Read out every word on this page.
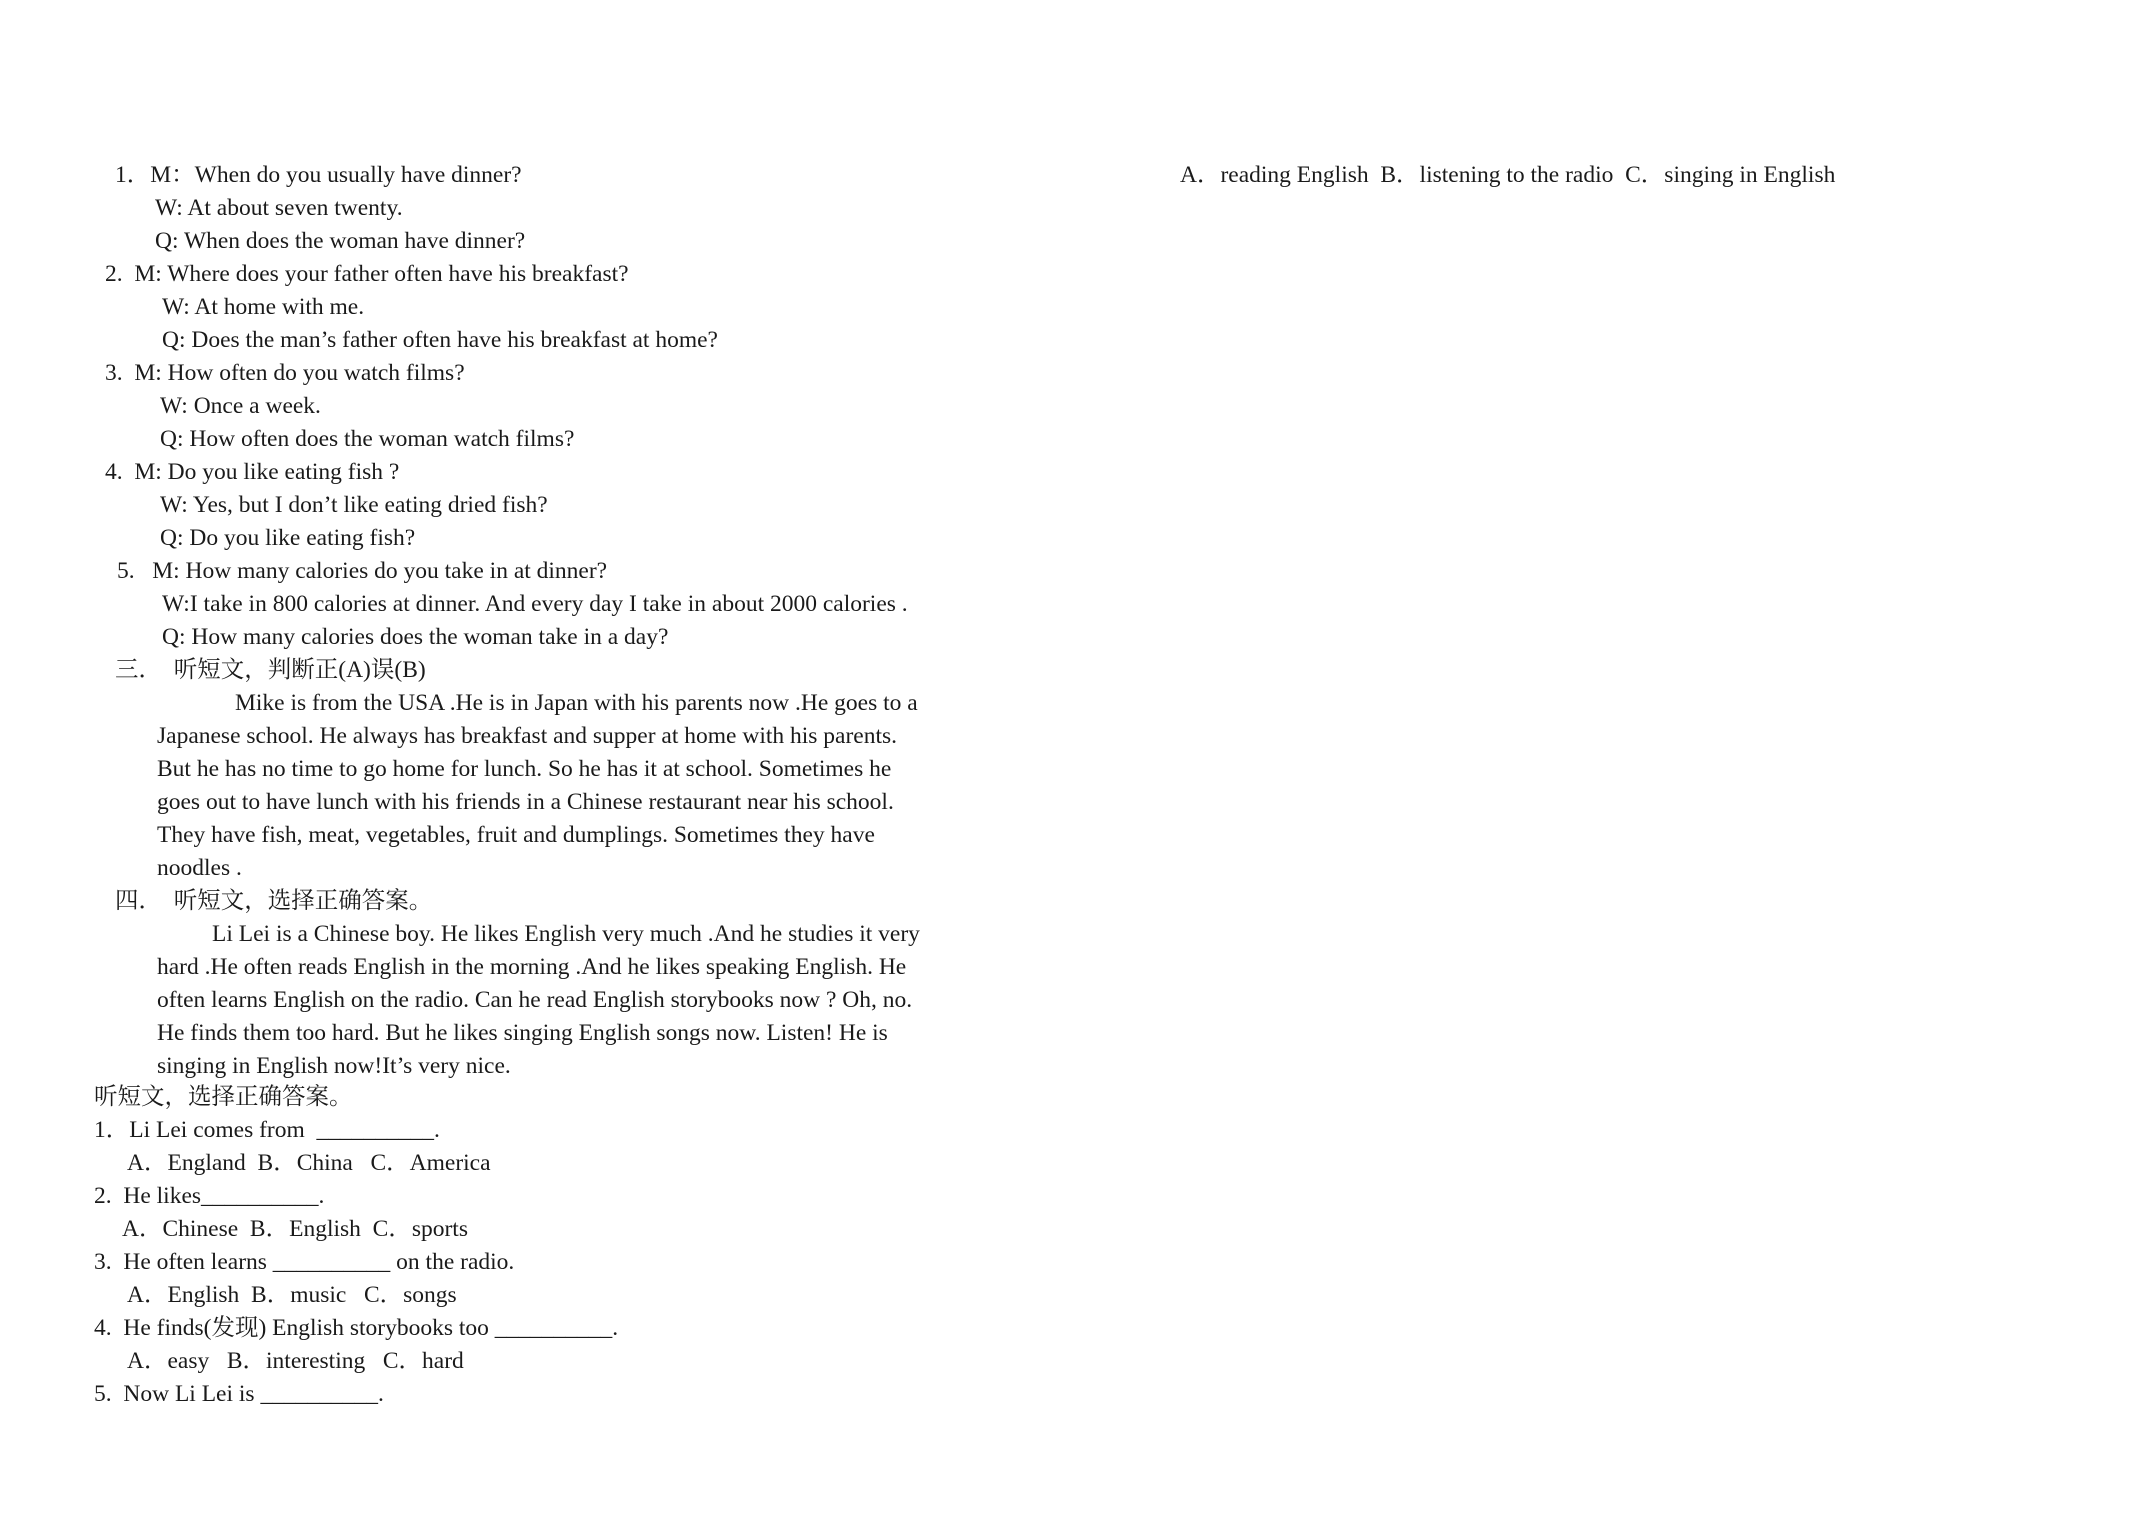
1．M：When do you usually have dinner?
W: At about seven twenty.
Q: When does the woman have dinner?
2.  M: Where does your father often have his breakfast?
W: At home with me.
Q: Does the man’s father often have his breakfast at home?
3.  M: How often do you watch films?
W: Once a week.
Q: How often does the woman watch films?
4.  M: Do you like eating fish ?
W: Yes, but I don’t like eating dried fish?
Q: Do you like eating fish?
5.   M: How many calories do you take in at dinner?
W:I take in 800 calories at dinner. And every day I take in about 2000 calories .
Q: How many calories does the woman take in a day?
三．  听短文，判断正(A)误(B)
Mike is from the USA .He is in Japan with his parents now .He goes to a
Japanese school. He always has breakfast and supper at home with his parents.
But he has no time to go home for lunch. So he has it at school. Sometimes he
goes out to have lunch with his friends in a Chinese restaurant near his school.
They have fish, meat, vegetables, fruit and dumplings. Sometimes they have
noodles .
四．  听短文，选择正确答案。
Li Lei is a Chinese boy. He likes English very much .And he studies it very
hard .He often reads English in the morning .And he likes speaking English. He
often learns English on the radio. Can he read English storybooks now ? Oh, no.
He finds them too hard. But he likes singing English songs now. Listen! He is
singing in English now!It’s very nice.
听短文，选择正确答案。
1．Li Lei comes from  __________.
A．England  B．China   C．America
2.  He likes__________.
A．Chinese  B．English  C．sports
3.  He often learns __________ on the radio.
A．English  B．music   C．songs
4.  He finds(发现) English storybooks too __________.
A．easy   B．interesting   C．hard
5.  Now Li Lei is __________.
A．reading English  B．listening to the radio  C．singing in English
